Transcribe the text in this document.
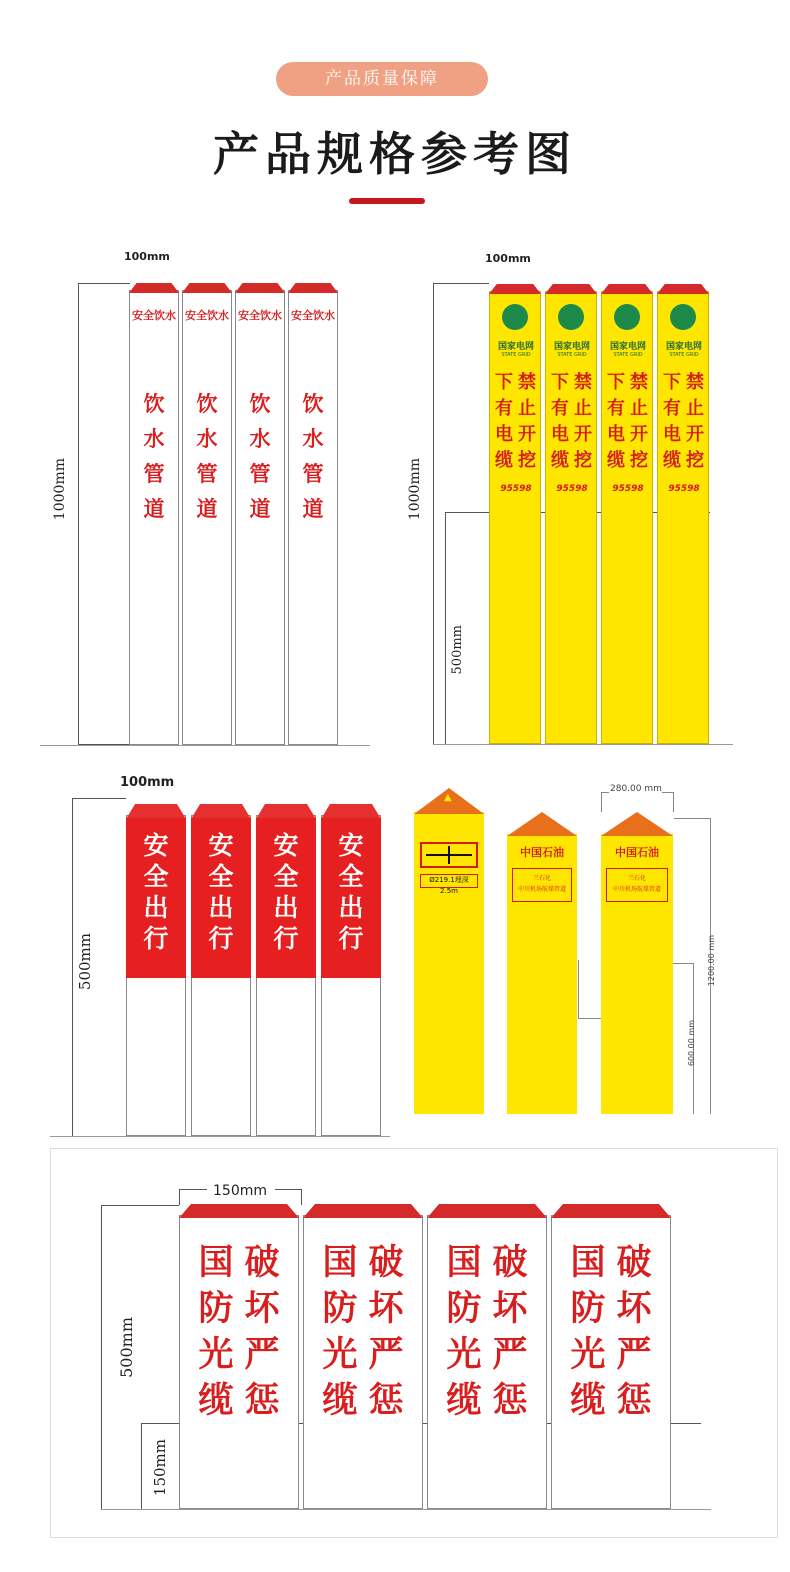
产品质量保障
产品规格参考图
100mm
1000mm
安全饮水
饮
水
管
道
安全饮水
饮
水
管
道
安全饮水
饮
水
管
道
安全饮水
饮
水
管
道
100mm
1000mm
500mm
国家电网
STATE GRID
下
有
电
缆
禁
止
开
挖
95598
国家电网
STATE GRID
下
有
电
缆
禁
止
开
挖
95598
国家电网
STATE GRID
下
有
电
缆
禁
止
开
挖
95598
国家电网
STATE GRID
下
有
电
缆
禁
止
开
挖
95598
100mm
500mm
安
全
出
行
安
全
出
行
安
全
出
行
安
全
出
行
280.00 mm
1200.00 mm
600.00 mm
▲
Ø219.1埋深2.5m
中国石油
兰石化
中川机场航煤管道
中国石油
兰石化
中川机场航煤管道
150mm
500mm
150mm
国
防
光
缆
破
坏
严
惩
国
防
光
缆
破
坏
严
惩
国
防
光
缆
破
坏
严
惩
国
防
光
缆
破
坏
严
惩
